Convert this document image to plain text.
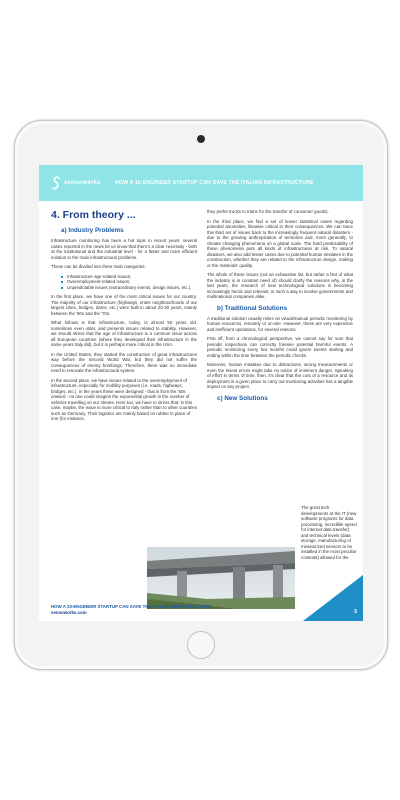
sensoworks	HOW A 10-ENGINEER STARTUP CAN SAVE THE ITALIAN INFRASTRUCTURE
4. From theory ...
a) Industry Problems

Infrastructure monitoring has been a hot topic in recent years: several cases reported in the news let us know that there's a clear necessity - both at the institutional and the industrial level - for a faster and more efficient solution to the main infrastructural problems.

These can be divided into three main categories:

Infrastructure age-related issues;
Overemployment-related issues;
Unpredictable issues (extraordinary events, design issues, etc.).

In the first place, we have one of the most critical issues for our country. The majority of our infrastructure (highways, entire neighbourhoods of our largest cities, bridges, dams, etc.) were built in about 20-30 years, mainly between the '50s and the '70s.

What follows is that infrastructure, today, is almost 50 years old, sometimes even older, and presents issues related to stability. However, we should stress that the age of infrastructure is a common issue across all European countries (where they developed their infrastructure in the same years Italy did), but it is perhaps more critical in the USA.

In the United States, they started the construction of great infrastructures way before the Second World War, but they did not suffer the consequences of enemy bombings. Therefore, there was no immediate need to renovate the infrastructural system.

In the second place, we have issues related to the overemployment of infrastructure, especially for mobility purposes (i.e. roads, highways, bridges, etc.). In the years these were designed - that is from the '50s onward - no one could imagine the exponential growth in the number of vehicles travelling on our streets. Here too, we have to stress that: in this case, maybe, the issue is more critical to Italy rather than to other countries such as Germany. Their logistics are mainly based on rubber in place of iron (for instance,

they prefer trucks to trains for the transfer of consumer goods).

In the third place, we find a set of lesser statistical cases regarding potential anomalies, likewise critical in their consequences. We can trace this third set of issues back to the increasingly frequent natural disasters - due to the growing anthropization of territories and, more generally, to climate changing phenomena on a global scale. The hard predictability of these phenomena puts all kinds of infrastructures at risk. To natural disasters, we also add lesser cases due to potential human mistakes in the construction, whether they are related to the infrastructure design, making or the materials' quality.

The whole of these issues (not an exhaustive list, but rather a hint of what the industry is in constant need of) should clarify the reasons why, in the last years, the research of new technological solutions is becoming increasingly hectic and relevant, in such a way to involve governments and multinational companies alike.

b) Traditional Solutions

A traditional solution usually relies on visual/manual periodic monitoring by human resources, remotely or on-site. However, these are very expensive and inefficient operations, for several reasons.

First off, from a chronological perspective, we cannot say for sure that periodic inspections can correctly foresee potential harmful events. A periodic monitoring every few months could ignore events starting and ending within the time between the periodic checks.

Moreover, human mistakes due to distractions, wrong measurements or even the tiniest errors might take no notice of imminent danger. Speaking of effort in terms of time, then, it's clear that the cost of a resource and its deployment in a given place to carry out monitoring activities has a tangible impact on any project.

c) New Solutions

The great tech developments at the IT (new software programs for data processing, incredible speed for internet data transfer) and technical levels (data storage, manufacturing of miniaturized sensors to be installed in the most peculiar contexts) allowed for the

HOW A 10-ENGINEER STARTUP CAN SAVE THE ITALIAN INFRASTRUCTURE
sensoworks.com	5
